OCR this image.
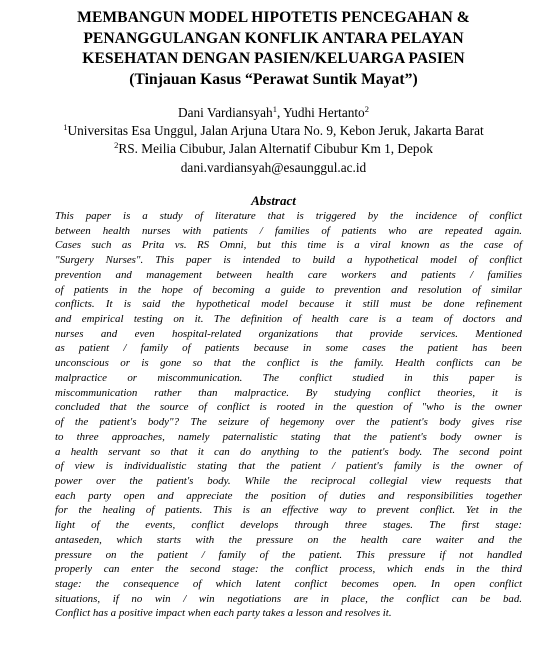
MEMBANGUN MODEL HIPOTETIS PENCEGAHAN &
PENANGGULANGAN KONFLIK ANTARA PELAYAN
KESEHATAN DENGAN PASIEN/KELUARGA PASIEN
(Tinjauan Kasus “Perawat Suntik Mayat”)
Dani Vardiansyah$^1$, Yudhi Hertanto$^2$
$^1$Universitas Esa Unggul, Jalan Arjuna Utara No. 9, Kebon Jeruk, Jakarta Barat
$^2$RS. Meilia Cibubur, Jalan Alternatif Cibubur Km 1, Depok
dani.vardiansyah@esaunggul.ac.id
Abstract
This paper is a study of literature that is triggered by the incidence of conflict
between health nurses with patients / families of patients who are repeated again.
Cases such as Prita vs. RS Omni, but this time is a viral known as the case of
"Surgery Nurses". This paper is intended to build a hypothetical model of conflict
prevention and management between health care workers and patients / families
of patients in the hope of becoming a guide to prevention and resolution of similar
conflicts. It is said the hypothetical model because it still must be done refinement
and empirical testing on it. The definition of health care is a team of doctors and
nurses and even hospital-related organizations that provide services. Mentioned
as patient / family of patients because in some cases the patient has been
unconscious or is gone so that the conflict is the family. Health conflicts can be
malpractice or miscommunication. The conflict studied in this paper is
miscommunication rather than malpractice. By studying conflict theories, it is
concluded that the source of conflict is rooted in the question of "who is the owner
of the patient's body"? The seizure of hegemony over the patient's body gives rise
to three approaches, namely paternalistic stating that the patient's body owner is
a health servant so that it can do anything to the patient's body. The second point
of view is individualistic stating that the patient / patient's family is the owner of
power over the patient's body. While the reciprocal collegial view requests that
each party open and appreciate the position of duties and responsibilities together
for the healing of patients. This is an effective way to prevent conflict. Yet in the
light of the events, conflict develops through three stages. The first stage:
antaseden, which starts with the pressure on the health care waiter and the
pressure on the patient / family of the patient. This pressure if not handled
properly can enter the second stage: the conflict process, which ends in the third
stage: the consequence of which latent conflict becomes open. In open conflict
situations, if no win / win negotiations are in place, the conflict can be bad.
Conflict has a positive impact when each party takes a lesson and resolves it.
